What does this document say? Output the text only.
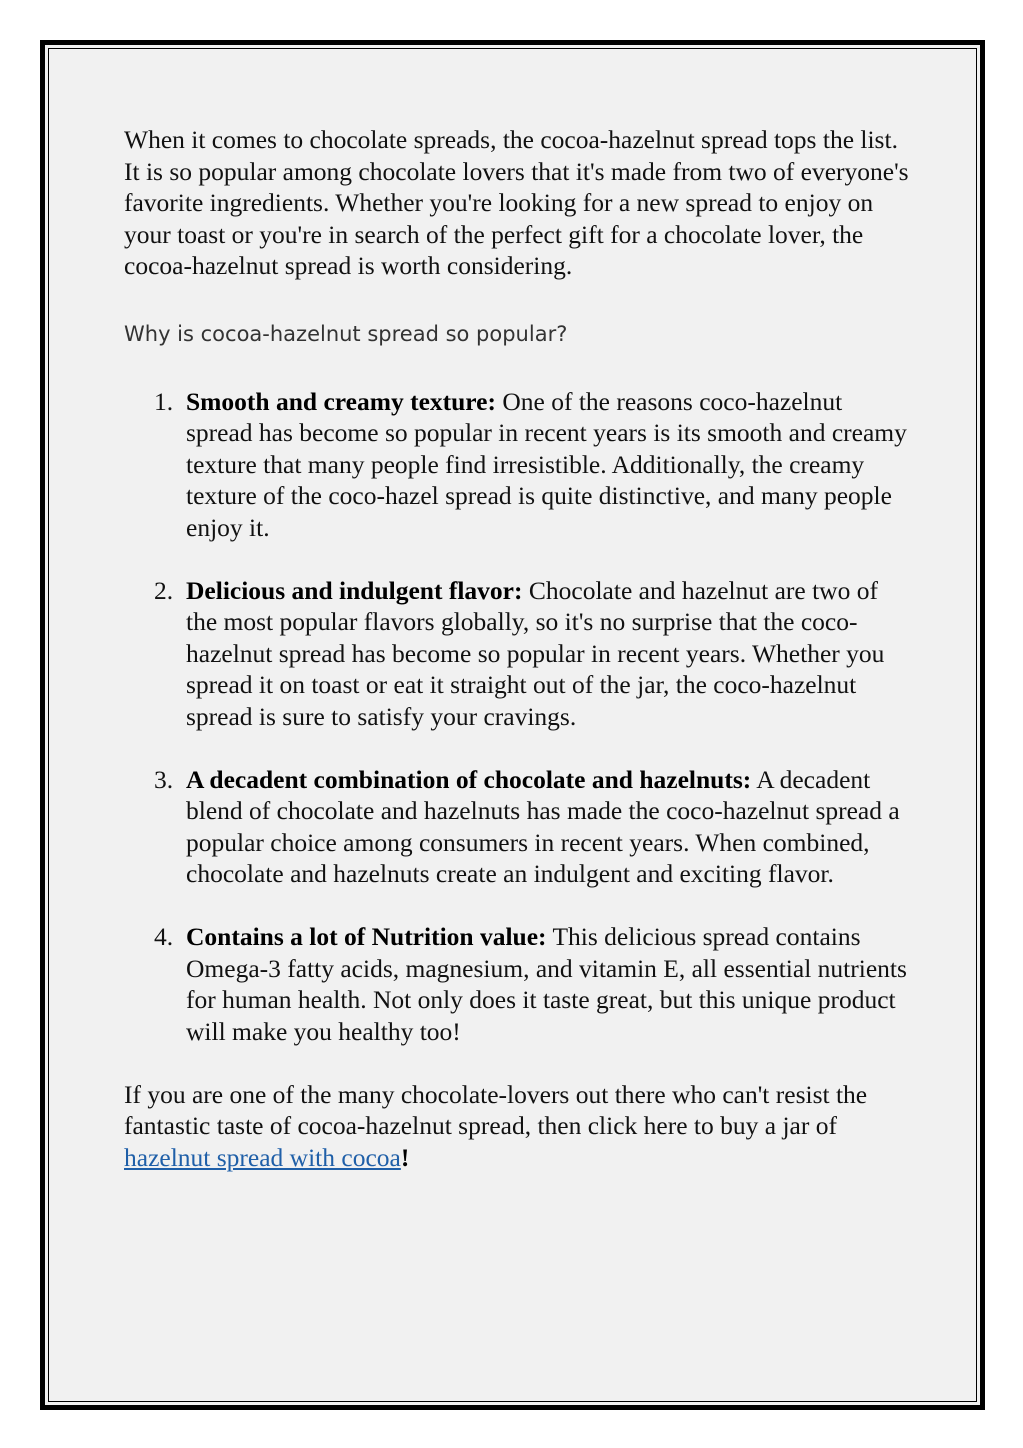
When it comes to chocolate spreads, the cocoa-hazelnut spread tops the list. It is so popular among chocolate lovers that it's made from two of everyone's favorite ingredients. Whether you're looking for a new spread to enjoy on your toast or you're in search of the perfect gift for a chocolate lover, the cocoa-hazelnut spread is worth considering.

Why is cocoa-hazelnut spread so popular?
1. Smooth and creamy texture: One of the reasons coco-hazelnut spread has become so popular in recent years is its smooth and creamy texture that many people find irresistible. Additionally, the creamy texture of the coco-hazel spread is quite distinctive, and many people enjoy it.
2. Delicious and indulgent flavor: Chocolate and hazelnut are two of the most popular flavors globally, so it's no surprise that the coco-hazelnut spread has become so popular in recent years. Whether you spread it on toast or eat it straight out of the jar, the coco-hazelnut spread is sure to satisfy your cravings.
3. A decadent combination of chocolate and hazelnuts: A decadent blend of chocolate and hazelnuts has made the coco-hazelnut spread a popular choice among consumers in recent years. When combined, chocolate and hazelnuts create an indulgent and exciting flavor.
4. Contains a lot of Nutrition value: This delicious spread contains Omega-3 fatty acids, magnesium, and vitamin E, all essential nutrients for human health. Not only does it taste great, but this unique product will make you healthy too!

If you are one of the many chocolate-lovers out there who can't resist the fantastic taste of cocoa-hazelnut spread, then click here to buy a jar of hazelnut spread with cocoa!
